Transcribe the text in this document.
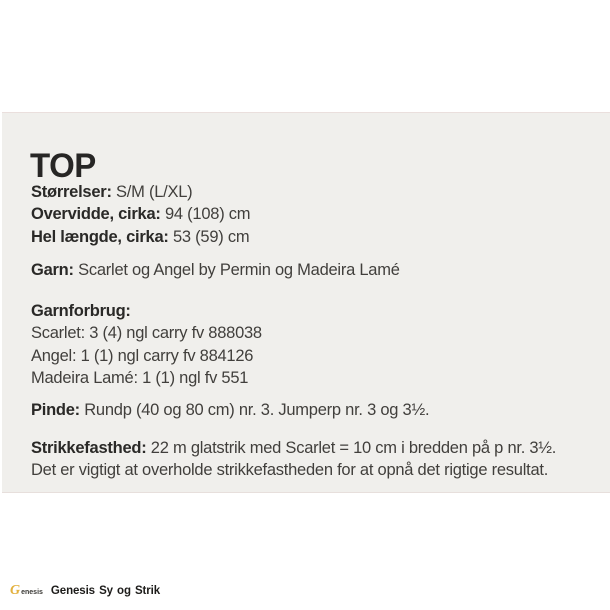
TOP
Størrelser: S/M (L/XL)
Overvidde, cirka: 94 (108) cm
Hel længde, cirka: 53 (59) cm
Garn: Scarlet og Angel by Permin og Madeira Lamé
Garnforbrug:
Scarlet: 3 (4) ngl carry fv 888038
Angel: 1 (1) ngl carry fv 884126
Madeira Lamé: 1 (1) ngl fv 551
Pinde: Rundp (40 og 80 cm) nr. 3. Jumperp nr. 3 og 3½.
Strikkefasthed: 22 m glatstrik med Scarlet = 10 cm i bredden på p nr. 3½.
Det er vigtigt at overholde strikkefastheden for at opnå det rigtige resultat.
G enesis Genesis Sy og Strik
